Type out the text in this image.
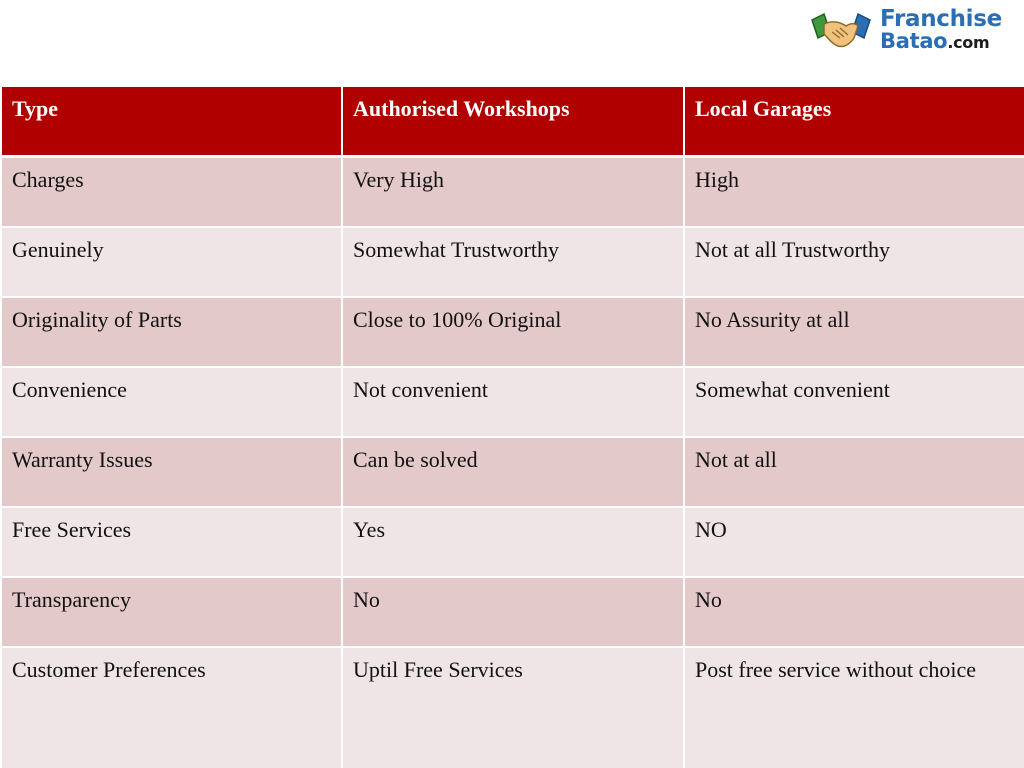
Franchise
Batao.com
Type	Authorised Workshops	Local Garages
Charges	Very High	High
Genuinely	Somewhat Trustworthy	Not at all Trustworthy
Originality of Parts	Close to 100% Original	No Assurity at all
Convenience	Not convenient	Somewhat convenient
Warranty Issues	Can be solved	Not at all
Free Services	Yes	NO
Transparency	No	No
Customer Preferences	Uptil Free Services	Post free service without choice
